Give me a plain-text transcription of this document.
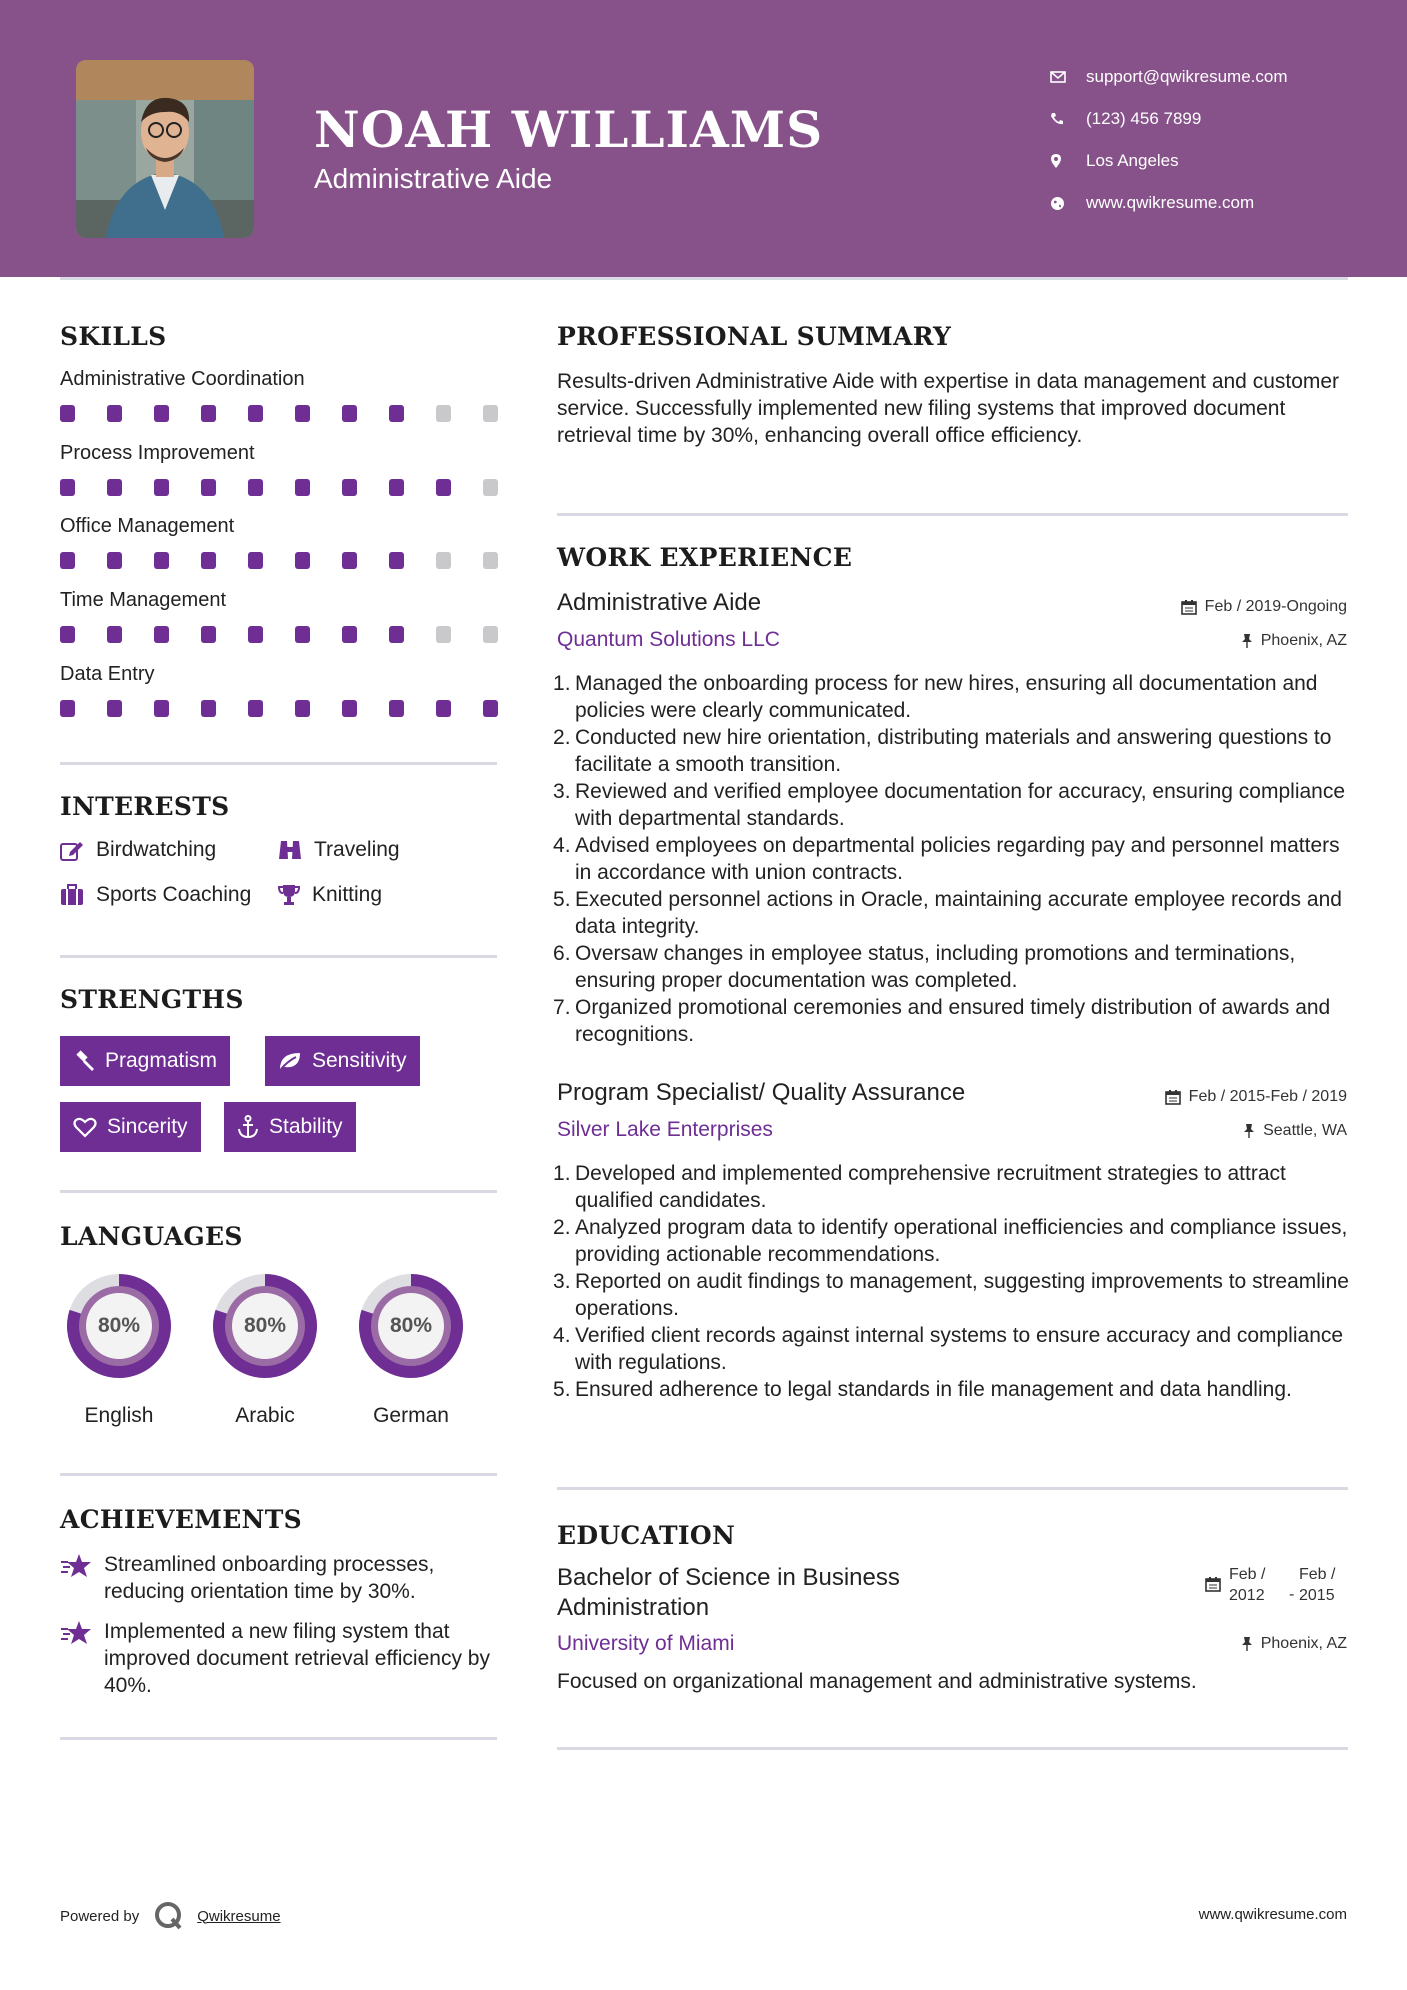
NOAH WILLIAMS
Administrative Aide
support@qwikresume.com
(123) 456 7899
Los Angeles
www.qwikresume.com
SKILLS
Administrative Coordination
Process Improvement
Office Management
Time Management
Data Entry
INTERESTS
Birdwatching	Traveling
Sports Coaching	Knitting
STRENGTHS
Pragmatism	Sensitivity
Sincerity	Stability
LANGUAGES
80%
English
80%
Arabic
80%
German
ACHIEVEMENTS
Streamlined onboarding processes, reducing orientation time by 30%.
Implemented a new filing system that improved document retrieval efficiency by 40%.
PROFESSIONAL SUMMARY
Results-driven Administrative Aide with expertise in data management and customer service. Successfully implemented new filing systems that improved document retrieval time by 30%, enhancing overall office efficiency.
WORK EXPERIENCE
Administrative Aide	Feb / 2019-Ongoing
Quantum Solutions LLC	Phoenix, AZ
Managed the onboarding process for new hires, ensuring all documentation and policies were clearly communicated.
Conducted new hire orientation, distributing materials and answering questions to facilitate a smooth transition.
Reviewed and verified employee documentation for accuracy, ensuring compliance with departmental standards.
Advised employees on departmental policies regarding pay and personnel matters in accordance with union contracts.
Executed personnel actions in Oracle, maintaining accurate employee records and data integrity.
Oversaw changes in employee status, including promotions and terminations, ensuring proper documentation was completed.
Organized promotional ceremonies and ensured timely distribution of awards and recognitions.
Program Specialist/ Quality Assurance	Feb / 2015-Feb / 2019
Silver Lake Enterprises	Seattle, WA
Developed and implemented comprehensive recruitment strategies to attract qualified candidates.
Analyzed program data to identify operational inefficiencies and compliance issues, providing actionable recommendations.
Reported on audit findings to management, suggesting improvements to streamline operations.
Verified client records against internal systems to ensure accuracy and compliance with regulations.
Ensured adherence to legal standards in file management and data handling.
EDUCATION
Bachelor of Science in Business
Administration
Feb /
2012	-
Feb /
2015
University of Miami	Phoenix, AZ
Focused on organizational management and administrative systems.
Powered by	Qwikresume	www.qwikresume.com
